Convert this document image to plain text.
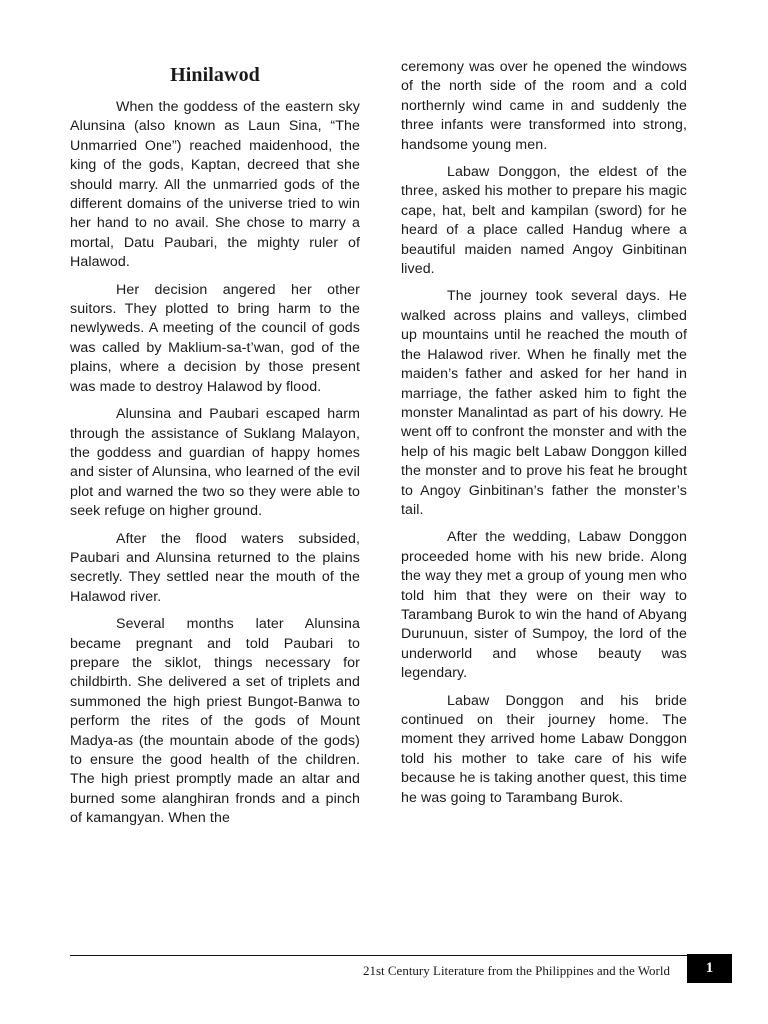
Hinilawod

When the goddess of the eastern sky Alunsina (also known as Laun Sina, “The Unmarried One”) reached maidenhood, the king of the gods, Kaptan, decreed that she should marry. All the unmarried gods of the different domains of the universe tried to win her hand to no avail. She chose to marry a mortal, Datu Paubari, the mighty ruler of Halawod.

Her decision angered her other suitors. They plotted to bring harm to the newlyweds. A meeting of the council of gods was called by Maklium-sa-t’wan, god of the plains, where a decision by those present was made to destroy Halawod by flood.

Alunsina and Paubari escaped harm through the assistance of Suklang Malayon, the goddess and guardian of happy homes and sister of Alunsina, who learned of the evil plot and warned the two so they were able to seek refuge on higher ground.

After the flood waters subsided, Paubari and Alunsina returned to the plains secretly. They settled near the mouth of the Halawod river.

Several months later Alunsina became pregnant and told Paubari to prepare the siklot, things necessary for childbirth. She delivered a set of triplets and summoned the high priest Bungot-Banwa to perform the rites of the gods of Mount Madya-as (the mountain abode of the gods) to ensure the good health of the children. The high priest promptly made an altar and burned some alanghiran fronds and a pinch of kamangyan. When the

ceremony was over he opened the windows of the north side of the room and a cold northernly wind came in and suddenly the three infants were transformed into strong, handsome young men.

Labaw Donggon, the eldest of the three, asked his mother to prepare his magic cape, hat, belt and kampilan (sword) for he heard of a place called Handug where a beautiful maiden named Angoy Ginbitinan lived.

The journey took several days. He walked across plains and valleys, climbed up mountains until he reached the mouth of the Halawod river. When he finally met the maiden’s father and asked for her hand in marriage, the father asked him to fight the monster Manalintad as part of his dowry. He went off to confront the monster and with the help of his magic belt Labaw Donggon killed the monster and to prove his feat he brought to Angoy Ginbitinan’s father the monster’s tail.

After the wedding, Labaw Donggon proceeded home with his new bride. Along the way they met a group of young men who told him that they were on their way to Tarambang Burok to win the hand of Abyang Durunuun, sister of Sumpoy, the lord of the underworld and whose beauty was legendary.

Labaw Donggon and his bride continued on their journey home. The moment they arrived home Labaw Donggon told his mother to take care of his wife because he is taking another quest, this time he was going to Tarambang Burok.

21st Century Literature from the Philippines and the World	1
